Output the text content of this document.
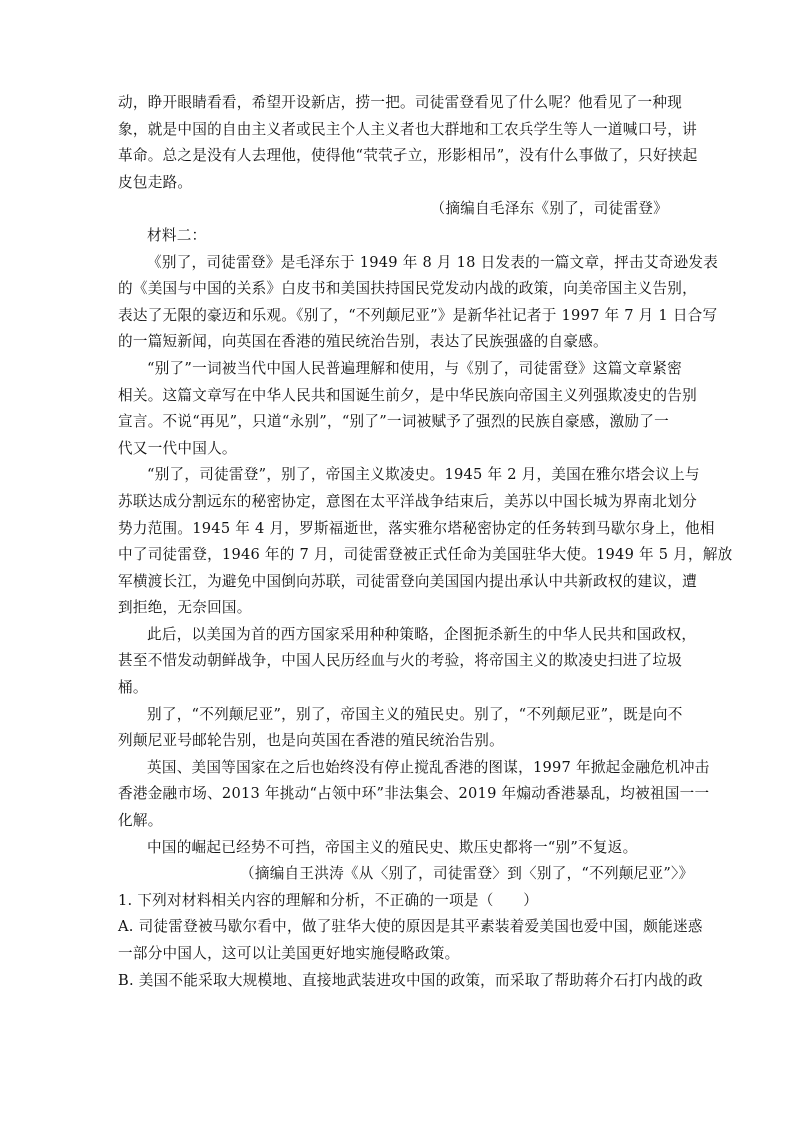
动，睁开眼睛看看，希望开设新店，捞一把。司徒雷登看见了什么呢？他看见了一种现
象，就是中国的自由主义者或民主个人主义者也大群地和工农兵学生等人一道喊口号，讲
革命。总之是没有人去理他，使得他“茕茕孑立，形影相吊”，没有什么事做了，只好挟起
皮包走路。
（摘编自毛泽东《别了，司徒雷登》
材料二：
《别了，司徒雷登》是毛泽东于 1949 年 8 月 18 日发表的一篇文章，抨击艾奇逊发表
的《美国与中国的关系》白皮书和美国扶持国民党发动内战的政策，向美帝国主义告别，
表达了无限的豪迈和乐观。《别了，“不列颠尼亚”》是新华社记者于 1997 年 7 月 1 日合写
的一篇短新闻，向英国在香港的殖民统治告别，表达了民族强盛的自豪感。
“别了”一词被当代中国人民普遍理解和使用，与《别了，司徒雷登》这篇文章紧密
相关。这篇文章写在中华人民共和国诞生前夕，是中华民族向帝国主义列强欺凌史的告别
宣言。不说“再见”，只道“永别”，“别了”一词被赋予了强烈的民族自豪感，激励了一
代又一代中国人。
“别了，司徒雷登”，别了，帝国主义欺凌史。1945 年 2 月，美国在雅尔塔会议上与
苏联达成分割远东的秘密协定，意图在太平洋战争结束后，美苏以中国长城为界南北划分
势力范围。1945 年 4 月，罗斯福逝世，落实雅尔塔秘密协定的任务转到马歇尔身上，他相
中了司徒雷登，1946 年的 7 月，司徒雷登被正式任命为美国驻华大使。1949 年 5 月，解放
军横渡长江，为避免中国倒向苏联，司徒雷登向美国国内提出承认中共新政权的建议，遭
到拒绝，无奈回国。
此后，以美国为首的西方国家采用种种策略，企图扼杀新生的中华人民共和国政权，
甚至不惜发动朝鲜战争，中国人民历经血与火的考验，将帝国主义的欺凌史扫进了垃圾
桶。
别了，“不列颠尼亚”，别了，帝国主义的殖民史。别了，“不列颠尼亚”，既是向不
列颠尼亚号邮轮告别，也是向英国在香港的殖民统治告别。
英国、美国等国家在之后也始终没有停止搅乱香港的图谋，1997 年掀起金融危机冲击
香港金融市场、2013 年挑动“占领中环”非法集会、2019 年煽动香港暴乱，均被祖国一一
化解。
中国的崛起已经势不可挡，帝国主义的殖民史、欺压史都将一“别”不复返。
（摘编自王洪涛《从〈别了，司徒雷登〉到〈别了，“不列颠尼亚”〉》
1. 下列对材料相关内容的理解和分析，不正确的一项是（　　）
A. 司徒雷登被马歇尔看中，做了驻华大使的原因是其平素装着爱美国也爱中国，颇能迷惑
一部分中国人，这可以让美国更好地实施侵略政策。
B. 美国不能采取大规模地、直接地武装进攻中国的政策，而采取了帮助蒋介石打内战的政
